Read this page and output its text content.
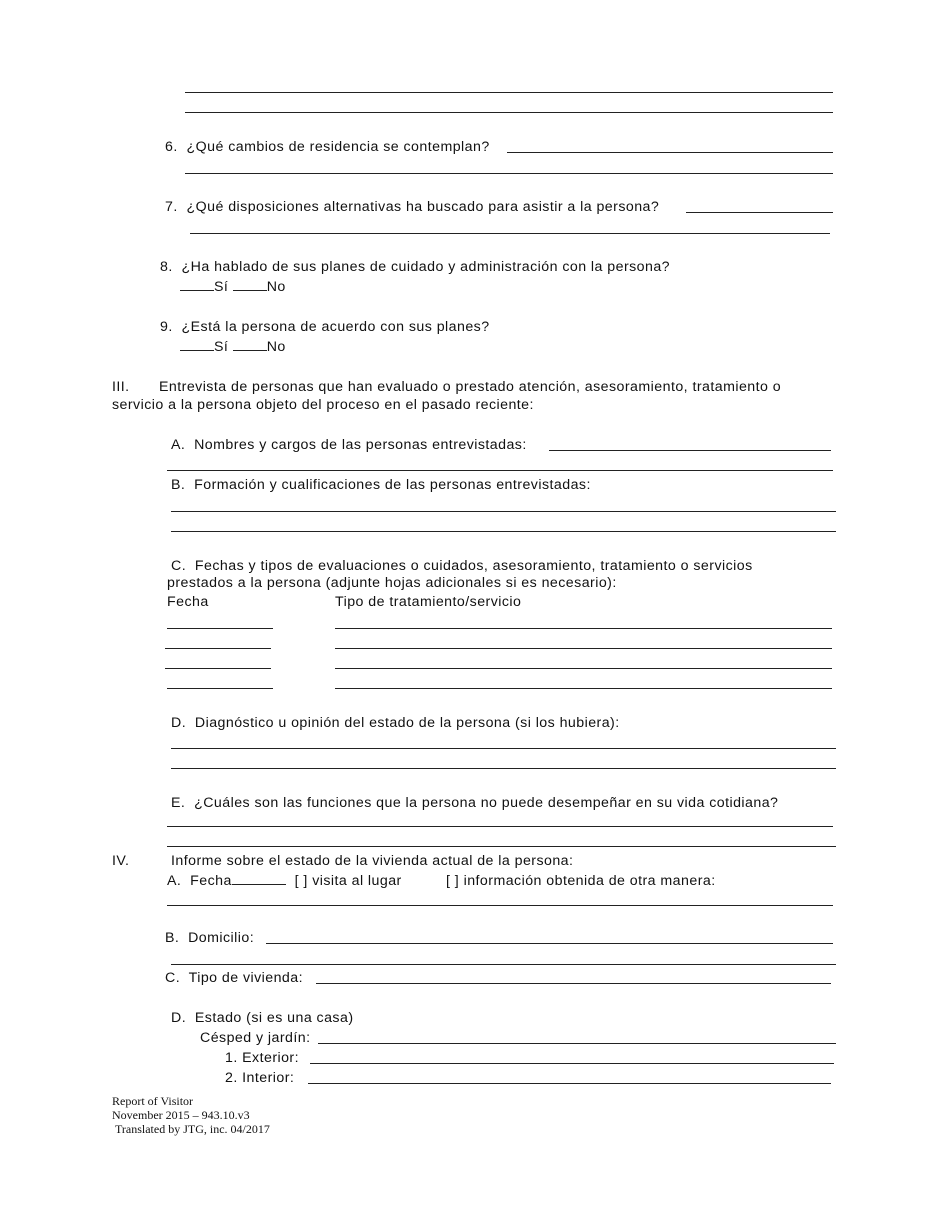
6. ¿Qué cambios de residencia se contemplan?
7. ¿Qué disposiciones alternativas ha buscado para asistir a la persona?
8. ¿Ha hablado de sus planes de cuidado y administración con la persona?
Sí	No
9. ¿Está la persona de acuerdo con sus planes?
Sí	No
III. Entrevista de personas que han evaluado o prestado atención, asesoramiento, tratamiento o
servicio a la persona objeto del proceso en el pasado reciente:
A. Nombres y cargos de las personas entrevistadas:
B. Formación y cualificaciones de las personas entrevistadas:
C. Fechas y tipos de evaluaciones o cuidados, asesoramiento, tratamiento o servicios
prestados a la persona (adjunte hojas adicionales si es necesario):
Fecha	Tipo de tratamiento/servicio
D. Diagnóstico u opinión del estado de la persona (si los hubiera):
E. ¿Cuáles son las funciones que la persona no puede desempeñar en su vida cotidiana?
IV.	Informe sobre el estado de la vivienda actual de la persona:
A. Fecha	[ ] visita al lugar	[ ] información obtenida de otra manera:
B. Domicilio:
C. Tipo de vivienda:
D. Estado (si es una casa)
Césped y jardín:
1. Exterior:
2. Interior:
Report of Visitor
November 2015 – 943.10.v3
Translated by JTG, inc. 04/2017
